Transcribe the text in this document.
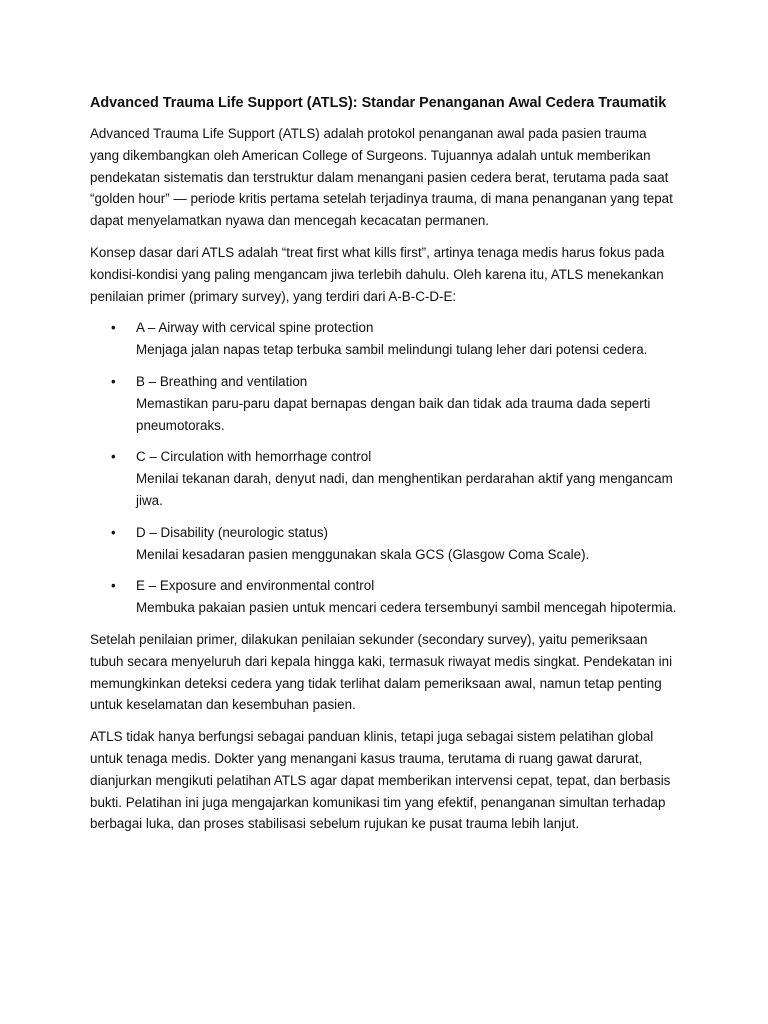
Advanced Trauma Life Support (ATLS): Standar Penanganan Awal Cedera Traumatik

Advanced Trauma Life Support (ATLS) adalah protokol penanganan awal pada pasien trauma yang dikembangkan oleh American College of Surgeons. Tujuannya adalah untuk memberikan pendekatan sistematis dan terstruktur dalam menangani pasien cedera berat, terutama pada saat “golden hour” — periode kritis pertama setelah terjadinya trauma, di mana penanganan yang tepat dapat menyelamatkan nyawa dan mencegah kecacatan permanen.

Konsep dasar dari ATLS adalah “treat first what kills first”, artinya tenaga medis harus fokus pada kondisi-kondisi yang paling mengancam jiwa terlebih dahulu. Oleh karena itu, ATLS menekankan penilaian primer (primary survey), yang terdiri dari A-B-C-D-E:

• A – Airway with cervical spine protection
Menjaga jalan napas tetap terbuka sambil melindungi tulang leher dari potensi cedera.
• B – Breathing and ventilation
Memastikan paru-paru dapat bernapas dengan baik dan tidak ada trauma dada seperti pneumotoraks.
• C – Circulation with hemorrhage control
Menilai tekanan darah, denyut nadi, dan menghentikan perdarahan aktif yang mengancam jiwa.
• D – Disability (neurologic status)
Menilai kesadaran pasien menggunakan skala GCS (Glasgow Coma Scale).
• E – Exposure and environmental control
Membuka pakaian pasien untuk mencari cedera tersembunyi sambil mencegah hipotermia.

Setelah penilaian primer, dilakukan penilaian sekunder (secondary survey), yaitu pemeriksaan tubuh secara menyeluruh dari kepala hingga kaki, termasuk riwayat medis singkat. Pendekatan ini memungkinkan deteksi cedera yang tidak terlihat dalam pemeriksaan awal, namun tetap penting untuk keselamatan dan kesembuhan pasien.

ATLS tidak hanya berfungsi sebagai panduan klinis, tetapi juga sebagai sistem pelatihan global untuk tenaga medis. Dokter yang menangani kasus trauma, terutama di ruang gawat darurat, dianjurkan mengikuti pelatihan ATLS agar dapat memberikan intervensi cepat, tepat, dan berbasis bukti. Pelatihan ini juga mengajarkan komunikasi tim yang efektif, penanganan simultan terhadap berbagai luka, dan proses stabilisasi sebelum rujukan ke pusat trauma lebih lanjut.
